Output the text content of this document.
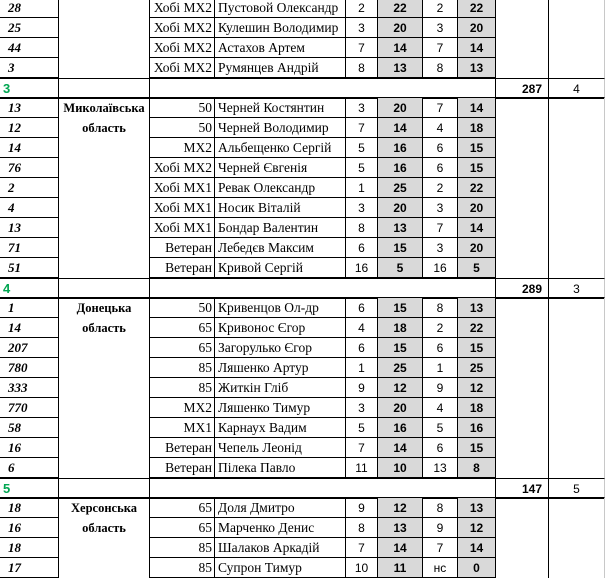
28	Хобі МХ2 Пустовой Олександр	2	22	2	22
25	Хобі МХ2 Кулешин Володимир	3	20	3	20
44	Хобі МХ2 Астахов Артем	7	14	7	14
3	Хобі МХ2 Румянцев Андрій	8	13	8	13
3	287	4
13	Миколаївська	50 Черней Костянтин	3	20	7	14
12	область	50 Черней Володимир	7	14	4	18
14	МХ2 Альбещенко Сергій	5	16	6	15
76	Хобі МХ2 Черней Євгенія	5	16	6	15
2	Хобі МХ1 Ревак Олександр	1	25	2	22
4	Хобі МХ1 Носик Віталій	3	20	3	20
13	Хобі МХ1 Бондар Валентин	8	13	7	14
71	Ветеран Лебедєв Максим	6	15	3	20
51	Ветеран Кривой Сергій	16	5	16	5
4	289	3
1	Донецька	50 Кривенцов Ол-др	6	15	8	13
14	область	65 Кривонос Єгор	4	18	2	22
207	65 Загорулько Єгор	6	15	6	15
780	85 Ляшенко Артур	1	25	1	25
333	85 Житкін Гліб	9	12	9	12
770	МХ2 Ляшенко Тимур	3	20	4	18
58	МХ1 Карнаух Вадим	5	16	5	16
16	Ветеран Чепель Леонід	7	14	6	15
6	Ветеран Пілека Павло	11	10	13	8
5	147	5
18	Херсонська	65 Доля Дмитро	9	12	8	13
16	область	65 Марченко Денис	8	13	9	12
18	85 Шалаков Аркадій	7	14	7	14
17	85 Супрон Тимур	10	11	нс	0
